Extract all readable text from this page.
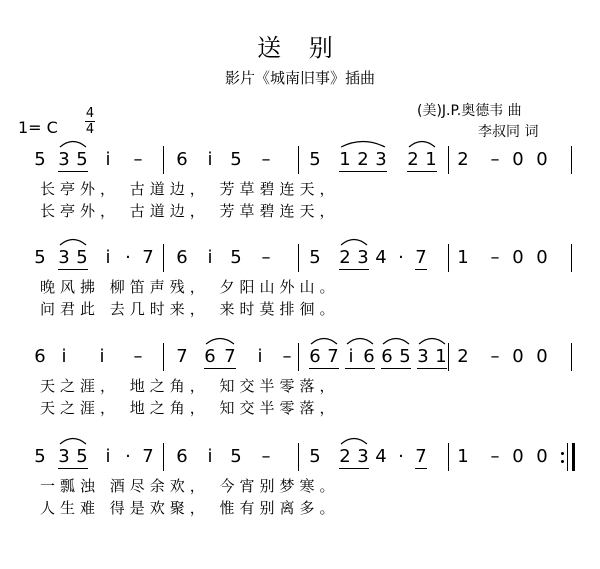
送 别
影片《城南旧事》插曲
(美)J.P.奥德韦 曲
李叔同 词
1= C
4
4
5 3 5 i – 6 i 5 – 5 1 2 3 2 1 2 – 0 0
长亭外， 古道边， 芳草碧连天，
长亭外， 古道边， 芳草碧连天，
5 3 5 i · 7 6 i 5 – 5 2 3 4 · 7 1 – 0 0
晚风拂 柳笛声残， 夕阳山外山。
问君此 去几时来， 来时莫排徊。
6 i i – 7 6 7 i – 6 7 i 6 6 5 3 1 2 – 0 0
天之涯， 地之角， 知交半零落，
天之涯， 地之角， 知交半零落，
5 3 5 i · 7 6 i 5 – 5 2 3 4 · 7 1 – 0 0
一瓢浊 酒尽余欢， 今宵别梦寒。
人生难 得是欢聚， 惟有别离多。
